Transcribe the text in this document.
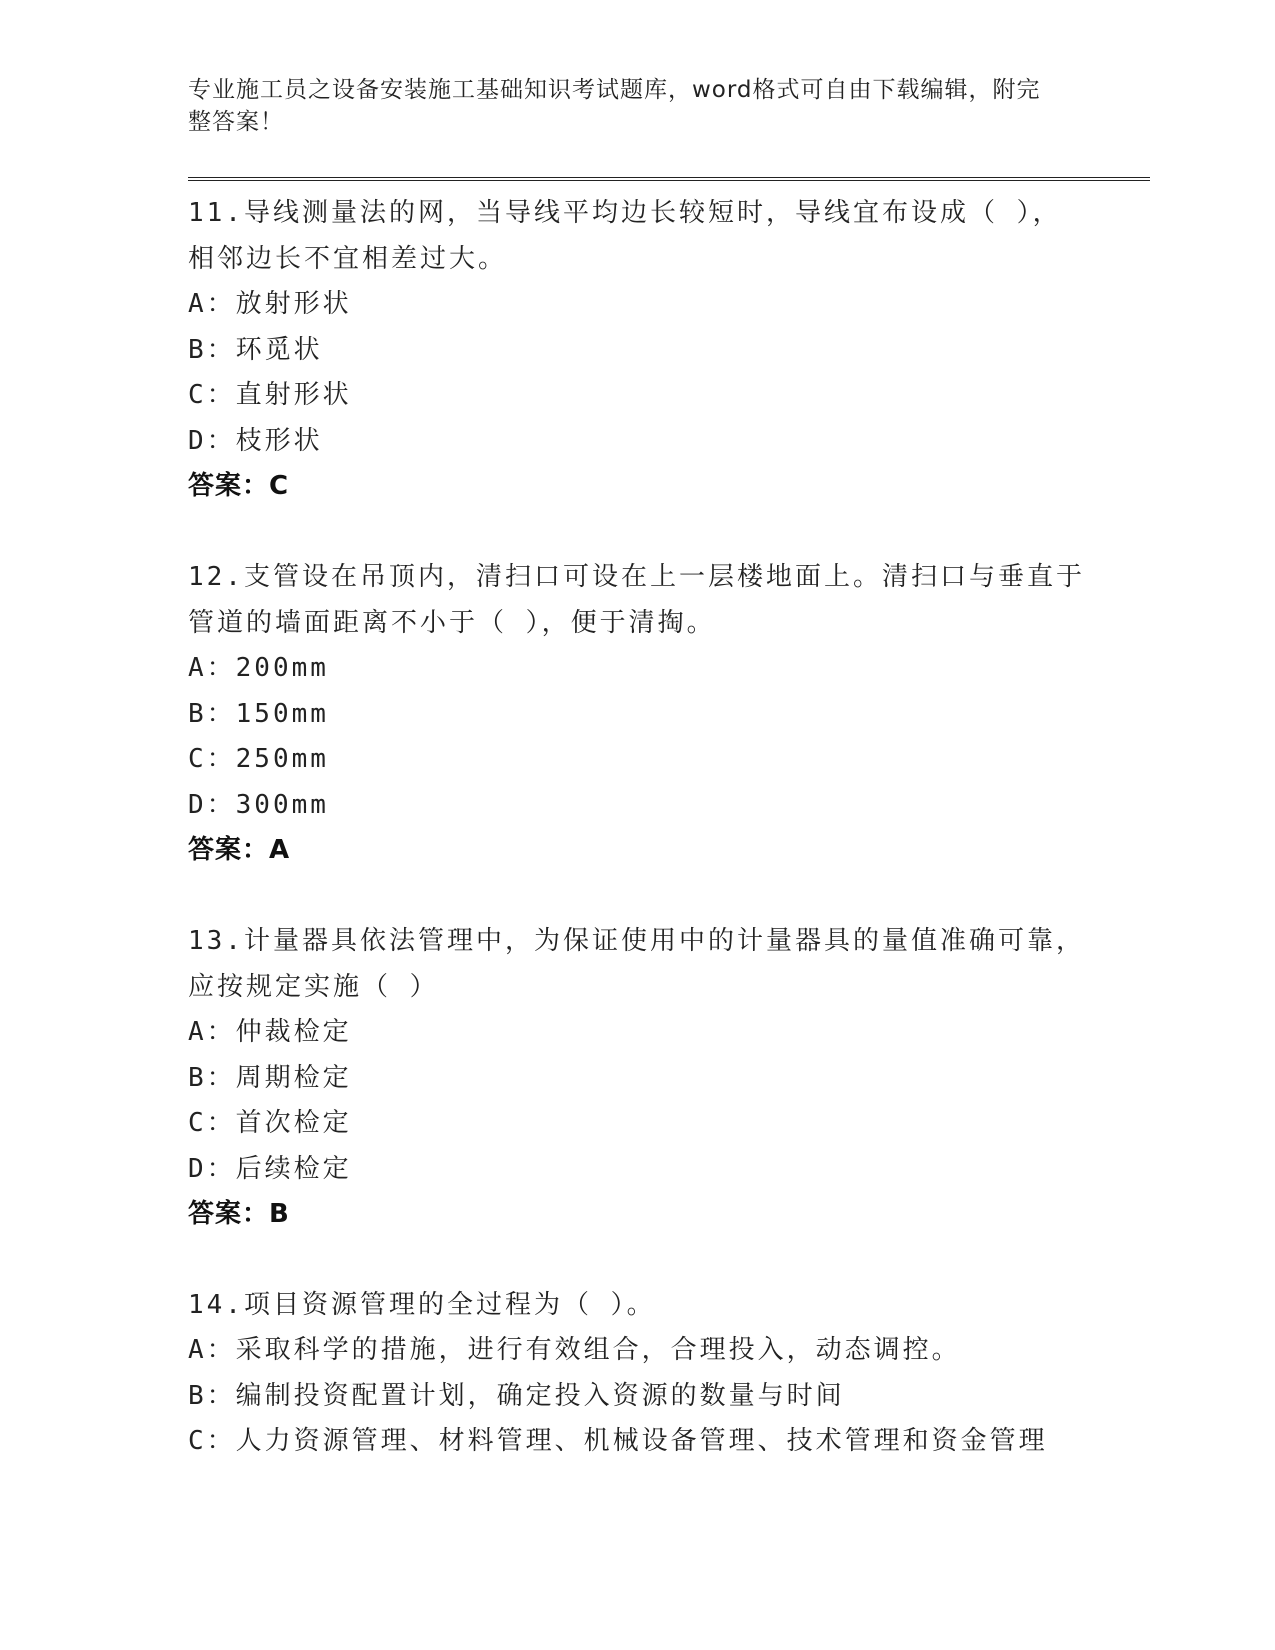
专业施工员之设备安装施工基础知识考试题库，word格式可自由下载编辑，附完
整答案！
11.导线测量法的网，当导线平均边长较短时，导线宜布设成（ ），
相邻边长不宜相差过大。
A：放射形状
B：环觅状
C：直射形状
D：枝形状
答案：C
12.支管设在吊顶内，清扫口可设在上一层楼地面上。清扫口与垂直于
管道的墙面距离不小于（ ），便于清掏。
A：200mm
B：150mm
C：250mm
D：300mm
答案：A
13.计量器具依法管理中，为保证使用中的计量器具的量值准确可靠，
应按规定实施（ ）
A：仲裁检定
B：周期检定
C：首次检定
D：后续检定
答案：B
14.项目资源管理的全过程为（ ）。
A：采取科学的措施，进行有效组合，合理投入，动态调控。
B：编制投资配置计划，确定投入资源的数量与时间
C：人力资源管理、材料管理、机械设备管理、技术管理和资金管理
